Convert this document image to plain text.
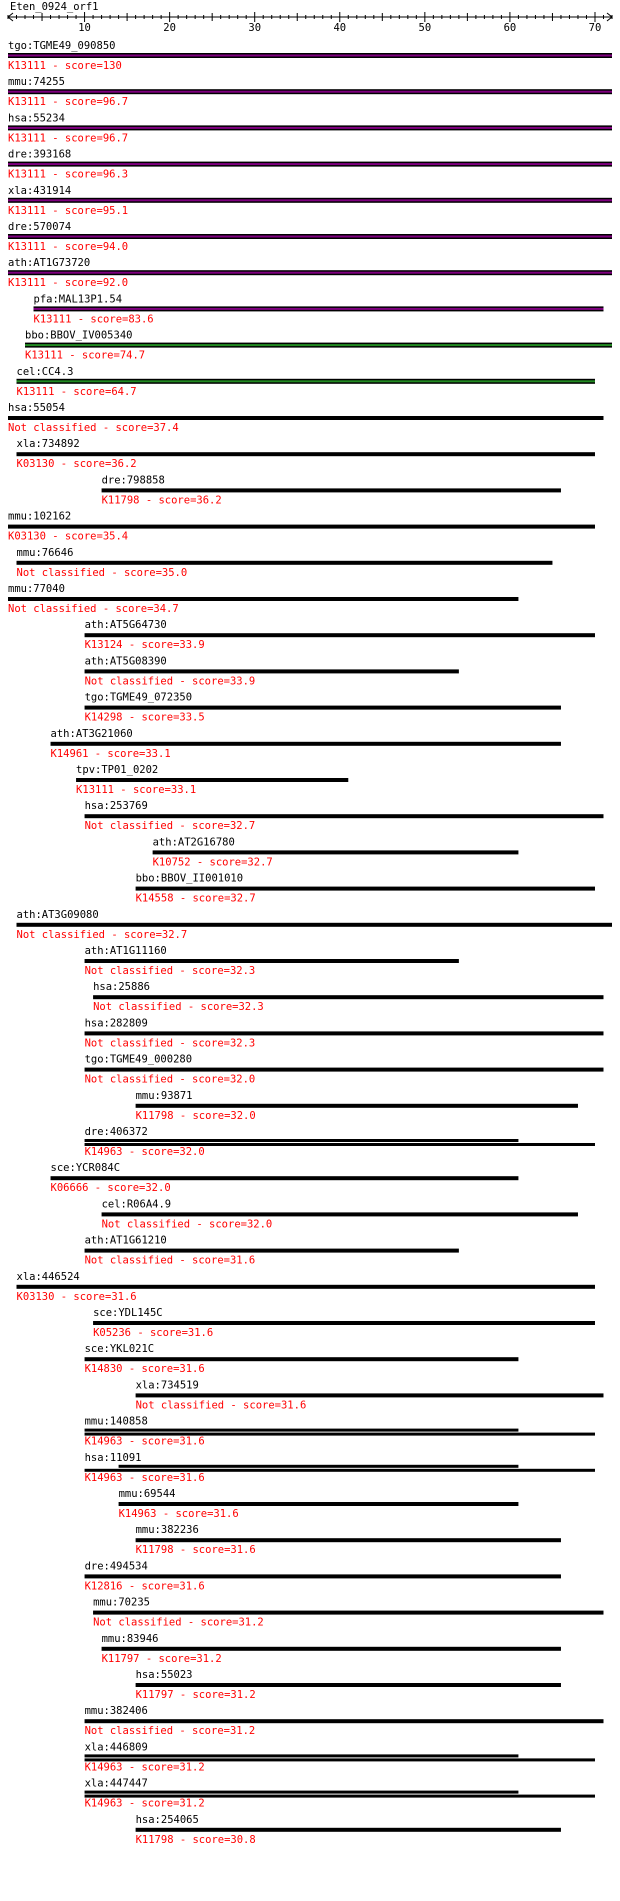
Eten_0924_orf1
10	20	30	40	50	60	70
tgo:TGME49_090850
K13111 - score=130
mmu:74255
K13111 - score=96.7
hsa:55234
K13111 - score=96.7
dre:393168
K13111 - score=96.3
xla:431914
K13111 - score=95.1
dre:570074
K13111 - score=94.0
ath:AT1G73720
K13111 - score=92.0
pfa:MAL13P1.54
K13111 - score=83.6
bbo:BBOV_IV005340
K13111 - score=74.7
cel:CC4.3
K13111 - score=64.7
hsa:55054
Not classified - score=37.4
xla:734892
K03130 - score=36.2
dre:798858
K11798 - score=36.2
mmu:102162
K03130 - score=35.4
mmu:76646
Not classified - score=35.0
mmu:77040
Not classified - score=34.7
ath:AT5G64730
K13124 - score=33.9
ath:AT5G08390
Not classified - score=33.9
tgo:TGME49_072350
K14298 - score=33.5
ath:AT3G21060
K14961 - score=33.1
tpv:TP01_0202
K13111 - score=33.1
hsa:253769
Not classified - score=32.7
ath:AT2G16780
K10752 - score=32.7
bbo:BBOV_II001010
K14558 - score=32.7
ath:AT3G09080
Not classified - score=32.7
ath:AT1G11160
Not classified - score=32.3
hsa:25886
Not classified - score=32.3
hsa:282809
Not classified - score=32.3
tgo:TGME49_000280
Not classified - score=32.0
mmu:93871
K11798 - score=32.0
dre:406372
K14963 - score=32.0
sce:YCR084C
K06666 - score=32.0
cel:R06A4.9
Not classified - score=32.0
ath:AT1G61210
Not classified - score=31.6
xla:446524
K03130 - score=31.6
sce:YDL145C
K05236 - score=31.6
sce:YKL021C
K14830 - score=31.6
xla:734519
Not classified - score=31.6
mmu:140858
K14963 - score=31.6
hsa:11091
K14963 - score=31.6
mmu:69544
K14963 - score=31.6
mmu:382236
K11798 - score=31.6
dre:494534
K12816 - score=31.6
mmu:70235
Not classified - score=31.2
mmu:83946
K11797 - score=31.2
hsa:55023
K11797 - score=31.2
mmu:382406
Not classified - score=31.2
xla:446809
K14963 - score=31.2
xla:447447
K14963 - score=31.2
hsa:254065
K11798 - score=30.8
